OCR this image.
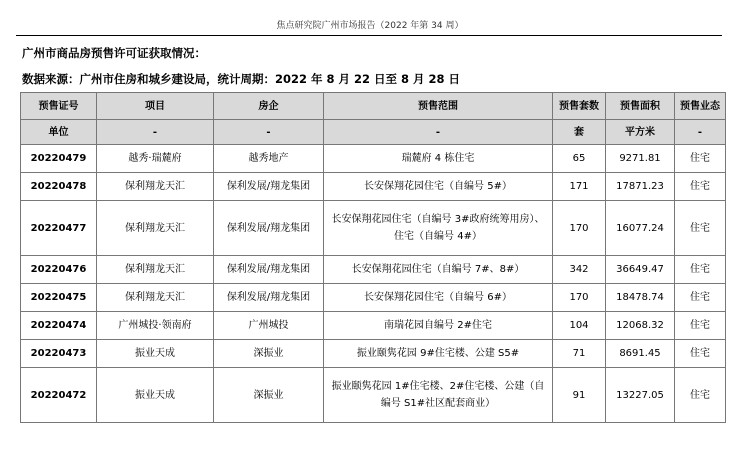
焦点研究院广州市场报告（2022 年第 34 周）
广州市商品房预售许可证获取情况：
数据来源：广州市住房和城乡建设局，统计周期：2022 年 8 月 22 日至 8 月 28 日
预售证号	项目	房企	预售范围	预售套数	预售面积	预售业态
单位	-	-	-	套	平方米	-
20220479	越秀·瑞麓府	越秀地产	瑞麓府 4 栋住宅	65	9271.81	住宅
20220478	保利翔龙天汇	保利发展/翔龙集团	长安保翔花园住宅（自编号 5#）	171	17871.23	住宅
20220477	保利翔龙天汇	保利发展/翔龙集团	长安保翔花园住宅（自编号 3#政府统筹用房）、住宅（自编号 4#）	170	16077.24	住宅
20220476	保利翔龙天汇	保利发展/翔龙集团	长安保翔花园住宅（自编号 7#、8#）	342	36649.47	住宅
20220475	保利翔龙天汇	保利发展/翔龙集团	长安保翔花园住宅（自编号 6#）	170	18478.74	住宅
20220474	广州城投·领南府	广州城投	南瑞花园自编号 2#住宅	104	12068.32	住宅
20220473	振业天成	深振业	振业颐隽花园 9#住宅楼、公建 S5#	71	8691.45	住宅
20220472	振业天成	深振业	振业颐隽花园 1#住宅楼、2#住宅楼、公建（自编号 S1#社区配套商业）	91	13227.05	住宅
